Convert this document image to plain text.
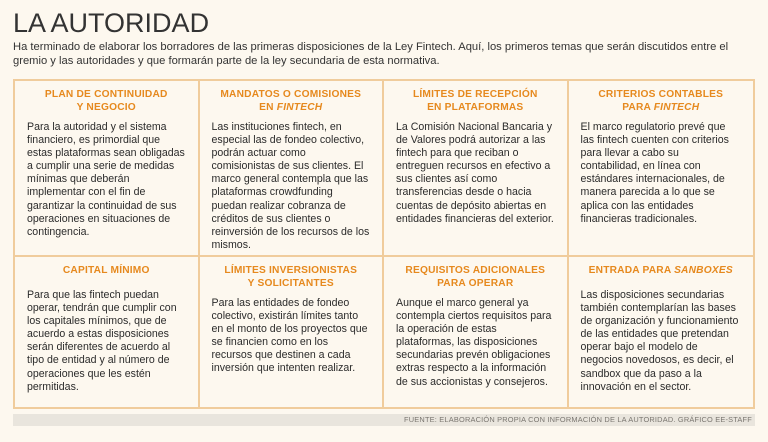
LA AUTORIDAD
Ha terminado de elaborar los borradores de las primeras disposiciones de la Ley Fintech. Aquí, los primeros temas que serán discutidos entre el gremio y las autoridades y que formarán parte de la ley secundaria de esta normativa.
PLAN DE CONTINUIDAD
Y NEGOCIO
Para la autoridad y el sistema financiero, es primordial que estas plataformas sean obligadas a cumplir una serie de medidas mínimas que deberán implementar con el fin de garantizar la continuidad de sus operaciones en situaciones de contingencia.
MANDATOS O COMISIONES
EN FINTECH
Las instituciones fintech, en especial las de fondeo colectivo, podrán actuar como comisionistas de sus clientes. El marco general contempla que las plataformas crowdfunding puedan realizar cobranza de créditos de sus clientes o reinversión de los recursos de los mismos.
LÍMITES DE RECEPCIÓN
EN PLATAFORMAS
La Comisión Nacional Bancaria y de Valores podrá autorizar a las fintech para que reciban o entreguen recursos en efectivo a sus clientes así como transferencias desde o hacia cuentas de depósito abiertas en entidades financieras del exterior.
CRITERIOS CONTABLES
PARA FINTECH
El marco regulatorio prevé que las fintech cuenten con criterios para llevar a cabo su contabilidad, en línea con estándares internacionales, de manera parecida a lo que se aplica con las entidades financieras tradicionales.
CAPITAL MÍNIMO
Para que las fintech puedan operar, tendrán que cumplir con los capitales mínimos, que de acuerdo a estas disposiciones serán diferentes de acuerdo al tipo de entidad y al número de operaciones que les estén permitidas.
LÍMITES INVERSIONISTAS
Y SOLICITANTES
Para las entidades de fondeo colectivo, existirán límites tanto en el monto de los proyectos que se financien como en los recursos que destinen a cada inversión que intenten realizar.
REQUISITOS ADICIONALES
PARA OPERAR
Aunque el marco general ya contempla ciertos requisitos para la operación de estas plataformas, las disposiciones secundarias prevén obligaciones extras respecto a la información de sus accionistas y consejeros.
ENTRADA PARA SANBOXES
Las disposiciones secundarias también contemplarían las bases de organización y funcionamiento de las entidades que pretendan operar bajo el modelo de negocios novedosos, es decir, el sandbox que da paso a la innovación en el sector.
FUENTE: ELABORACIÓN PROPIA CON INFORMACIÓN DE LA AUTORIDAD. GRÁFICO EE-STAFF
